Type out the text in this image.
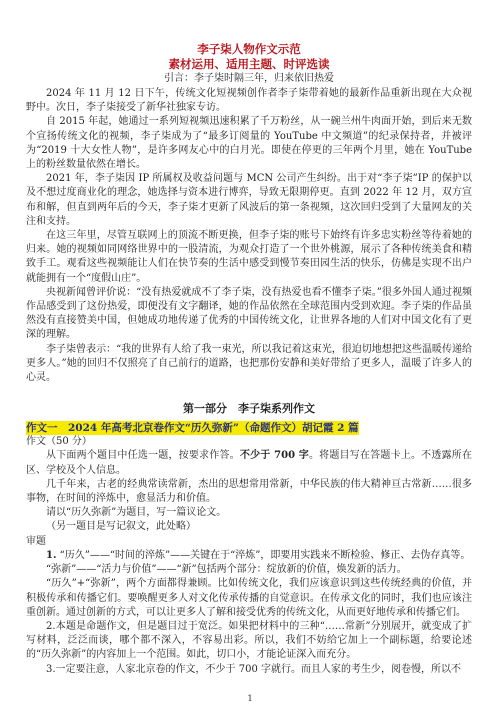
李子柒人物作文示范
素材运用、适用主题、时评选读
引言：李子柒时隔三年，归来依旧热爱

2024 年 11 月 12 日下午，传统文化短视频创作者李子柒带着她的最新作品重新出现在大众视野中。次日，李子柒接受了新华社独家专访。

自 2015 年起，她通过一系列短视频迅速积累了千万粉丝，从一碗兰州牛肉面开始，到后来无数个宣扬传统文化的视频，李子柒成为了“最多订阅量的 YouTube 中文频道”的纪录保持者，并被评为“2019 十大女性人物”，是许多网友心中的白月光。即使在停更的三年两个月里，她在 YouTube 上的粉丝数量依然在增长。

2021 年，李子柒因 IP 所属权及收益问题与 MCN 公司产生纠纷。出于对“李子柒”IP 的保护以及不想过度商业化的理念，她选择与资本进行博弈，导致无限期停更。直到 2022 年 12 月，双方宣布和解，但直到两年后的今天，李子柒才更新了风波后的第一条视频，这次回归受到了大量网友的关注和支持。

在这三年里，尽管互联网上的顶流不断更换，但李子柒的账号下始终有许多忠实粉丝等待着她的归来。她的视频如同网络世界中的一股清流，为观众打造了一个世外桃源，展示了各种传统美食和精致手工。观看这些视频能让人们在快节奏的生活中感受到慢节奏田园生活的快乐，仿佛是实现不出户就能拥有一个“度假山庄”。

央视新闻曾评价说：“没有热爱就成不了李子柒，没有热爱也看不懂李子柒。”很多外国人通过视频作品感受到了这份热爱，即便没有文字翻译，她的作品依然在全球范围内受到欢迎。李子柒的作品虽然没有直接赞美中国，但她成功地传递了优秀的中国传统文化，让世界各地的人们对中国文化有了更深的理解。

李子柒曾表示：“我的世界有人给了我一束光，所以我记着这束光，很迫切地想把这些温暖传递给更多人。”她的回归不仅照亮了自己前行的道路，也把那份安静和美好带给了更多人，温暖了许多人的心灵。

第一部分　李子柒系列作文
作文一　2024 年高考北京卷作文“历久弥新”（命题作文）胡记霞 2 篇

作文（50 分）

从下面两个题目中任选一题，按要求作答。不少于 700 字。将题目写在答题卡上。不透露所在区、学校及个人信息。

几千年来，古老的经典常读常新，杰出的思想常用常新，中华民族的伟大精神亘古常新……很多事物，在时间的淬炼中，愈显活力和价值。

请以“历久弥新”为题目，写一篇议论文。

（另一题目是写记叙文，此处略）

审题

1. “历久”——“时间的淬炼”——关键在于“淬炼”，即要用实践来不断检验、修正、去伪存真等。

“弥新”——“活力与价值”——“新”包括两个部分：绽放新的价值，焕发新的活力。

“历久”+“弥新”，两个方面都得兼顾。比如传统文化，我们应该意识到这些传统经典的价值，并积极传承和传播它们。要唤醒更多人对文化传承传播的自觉意识。在传承文化的同时，我们也应该注重创新。通过创新的方式，可以让更多人了解和接受优秀的传统文化，从而更好地传承和传播它们。

2.本题是命题作文，但是题目过于宽泛。如果把材料中的三种“……常新”分别展开，就变成了扩写材料，泛泛而谈，哪个都不深入，不容易出彩。所以，我们不妨给它加上一个副标题，给要论述的“历久弥新”的内容加上一个范围。如此，切口小，才能论证深入而充分。

3.一定要注意，人家北京卷的作文，不少于 700 字就行。而且人家的考生少，阅卷慢，所以不

1
